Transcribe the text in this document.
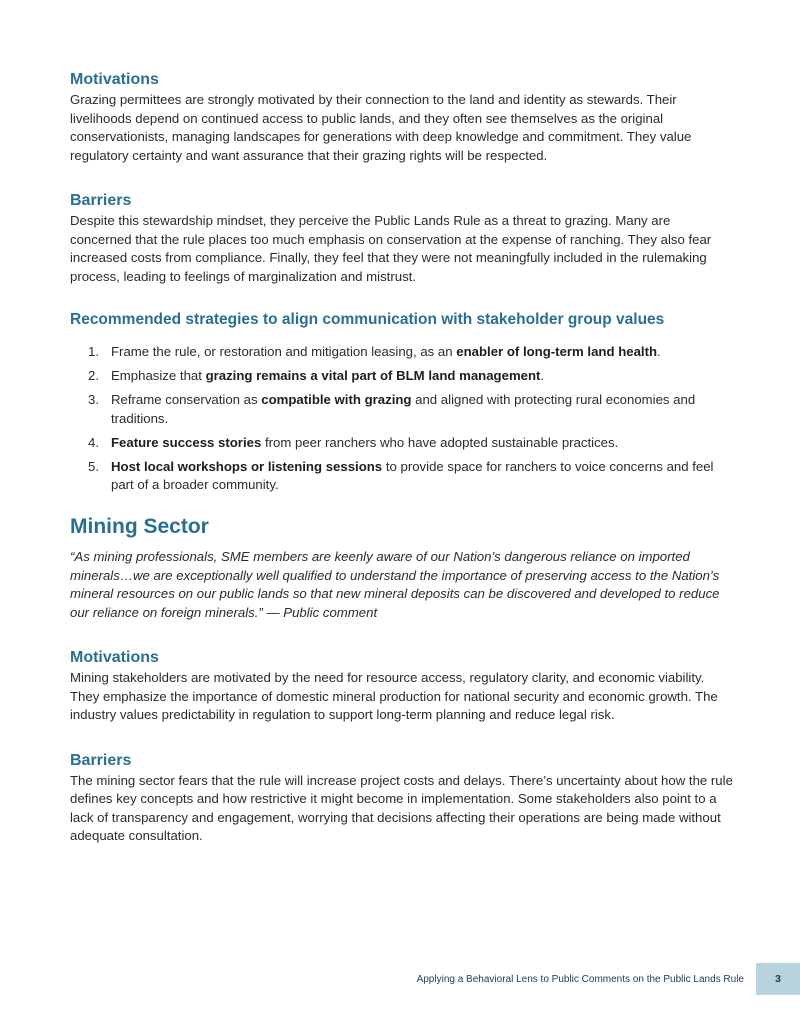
Motivations

Grazing permittees are strongly motivated by their connection to the land and identity as stewards. Their livelihoods depend on continued access to public lands, and they often see themselves as the original conservationists, managing landscapes for generations with deep knowledge and commitment. They value regulatory certainty and want assurance that their grazing rights will be respected.

Barriers

Despite this stewardship mindset, they perceive the Public Lands Rule as a threat to grazing. Many are concerned that the rule places too much emphasis on conservation at the expense of ranching. They also fear increased costs from compliance. Finally, they feel that they were not meaningfully included in the rulemaking process, leading to feelings of marginalization and mistrust.

Recommended strategies to align communication with stakeholder group values
1. Frame the rule, or restoration and mitigation leasing, as an enabler of long-term land health.
2. Emphasize that grazing remains a vital part of BLM land management.
3. Reframe conservation as compatible with grazing and aligned with protecting rural economies and traditions.
4. Feature success stories from peer ranchers who have adopted sustainable practices.
5. Host local workshops or listening sessions to provide space for ranchers to voice concerns and feel part of a broader community.
Mining Sector

“As mining professionals, SME members are keenly aware of our Nation’s dangerous reliance on imported minerals…we are exceptionally well qualified to understand the importance of preserving access to the Nation’s mineral resources on our public lands so that new mineral deposits can be discovered and developed to reduce our reliance on foreign minerals.” — Public comment

Motivations

Mining stakeholders are motivated by the need for resource access, regulatory clarity, and economic viability. They emphasize the importance of domestic mineral production for national security and economic growth. The industry values predictability in regulation to support long-term planning and reduce legal risk.

Barriers

The mining sector fears that the rule will increase project costs and delays. There’s uncertainty about how the rule defines key concepts and how restrictive it might become in implementation. Some stakeholders also point to a lack of transparency and engagement, worrying that decisions affecting their operations are being made without adequate consultation.

Applying a Behavioral Lens to Public Comments on the Public Lands Rule	3
